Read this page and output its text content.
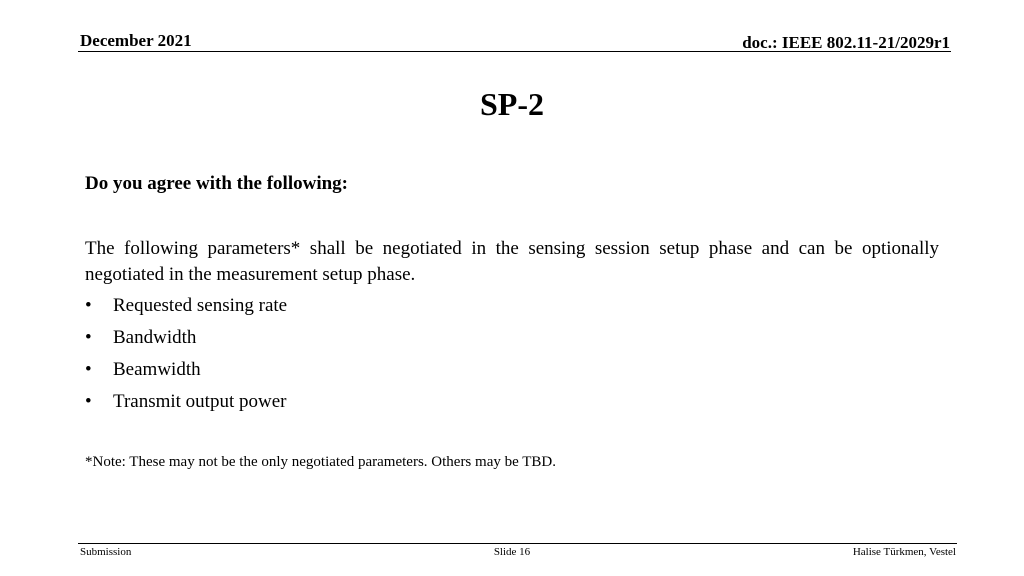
December 2021	doc.: IEEE 802.11-21/2029r1
SP-2
Do you agree with the following:
The following parameters* shall be negotiated in the sensing session setup phase and can be optionally negotiated in the measurement setup phase.
•	Requested sensing rate
•	Bandwidth
•	Beamwidth
•	Transmit output power
*Note: These may not be the only negotiated parameters. Others may be TBD.
Submission	Slide 16	Halise Türkmen, Vestel
